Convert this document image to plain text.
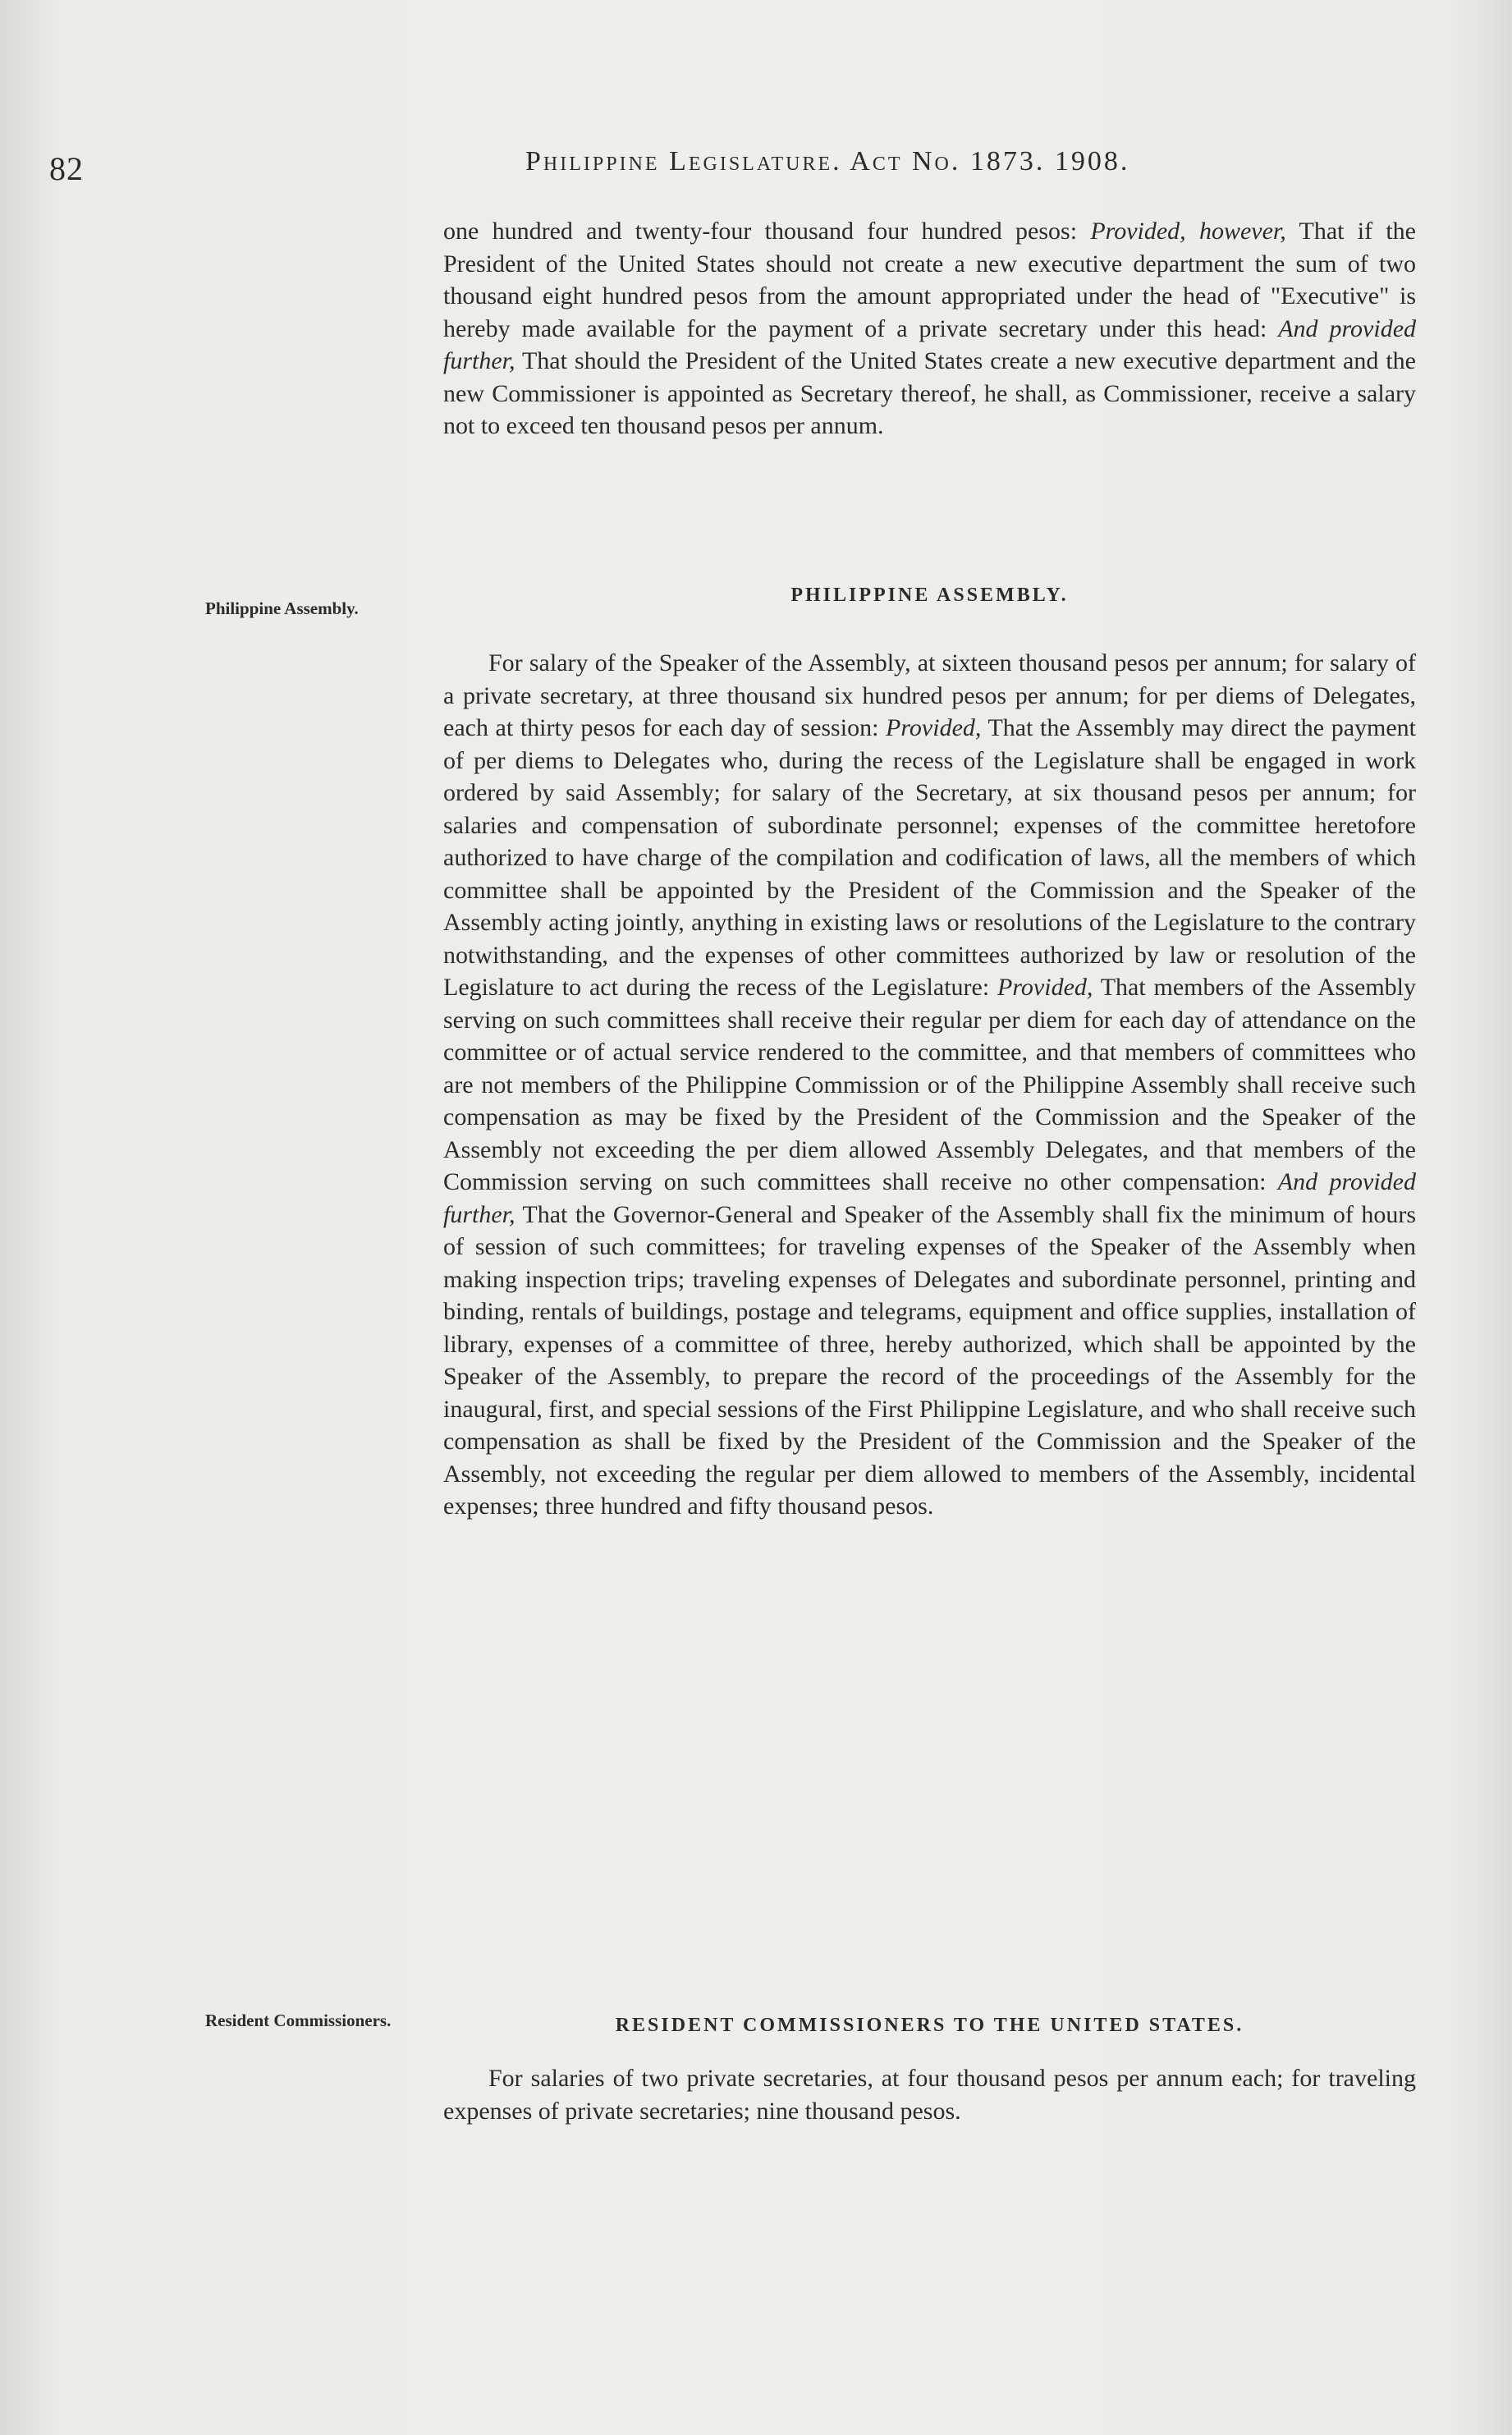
82	Philippine Legislature. Act No. 1873. 1908.

one hundred and twenty-four thousand four hundred pesos: Provided, however, That if the President of the United States should not create a new executive department the sum of two thousand eight hundred pesos from the amount appropriated under the head of "Executive" is hereby made available for the payment of a private secretary under this head: And provided further, That should the President of the United States create a new executive department and the new Commissioner is appointed as Secretary thereof, he shall, as Commissioner, receive a salary not to exceed ten thousand pesos per annum.

Philippine Assembly.

PHILIPPINE ASSEMBLY.

For salary of the Speaker of the Assembly, at sixteen thousand pesos per annum; for salary of a private secretary, at three thousand six hundred pesos per annum; for per diems of Delegates, each at thirty pesos for each day of session: Provided, That the Assembly may direct the payment of per diems to Delegates who, during the recess of the Legislature shall be engaged in work ordered by said Assembly; for salary of the Secretary, at six thousand pesos per annum; for salaries and compensation of subordinate personnel; expenses of the committee heretofore authorized to have charge of the compilation and codification of laws, all the members of which committee shall be appointed by the President of the Commission and the Speaker of the Assembly acting jointly, anything in existing laws or resolutions of the Legislature to the contrary notwithstanding, and the expenses of other committees authorized by law or resolution of the Legislature to act during the recess of the Legislature: Provided, That members of the Assembly serving on such committees shall receive their regular per diem for each day of attendance on the committee or of actual service rendered to the committee, and that members of committees who are not members of the Philippine Commission or of the Philippine Assembly shall receive such compensation as may be fixed by the President of the Commission and the Speaker of the Assembly not exceeding the per diem allowed Assembly Delegates, and that members of the Commission serving on such committees shall receive no other compensation: And provided further, That the Governor-General and Speaker of the Assembly shall fix the minimum of hours of session of such committees; for traveling expenses of the Speaker of the Assembly when making inspection trips; traveling expenses of Delegates and subordinate personnel, printing and binding, rentals of buildings, postage and telegrams, equipment and office supplies, installation of library, expenses of a committee of three, hereby authorized, which shall be appointed by the Speaker of the Assembly, to prepare the record of the proceedings of the Assembly for the inaugural, first, and special sessions of the First Philippine Legislature, and who shall receive such compensation as shall be fixed by the President of the Commission and the Speaker of the Assembly, not exceeding the regular per diem allowed to members of the Assembly, incidental expenses; three hundred and fifty thousand pesos.

Resident Commissioners.	RESIDENT COMMISSIONERS TO THE UNITED STATES.

For salaries of two private secretaries, at four thousand pesos per annum each; for traveling expenses of private secretaries; nine thousand pesos.
